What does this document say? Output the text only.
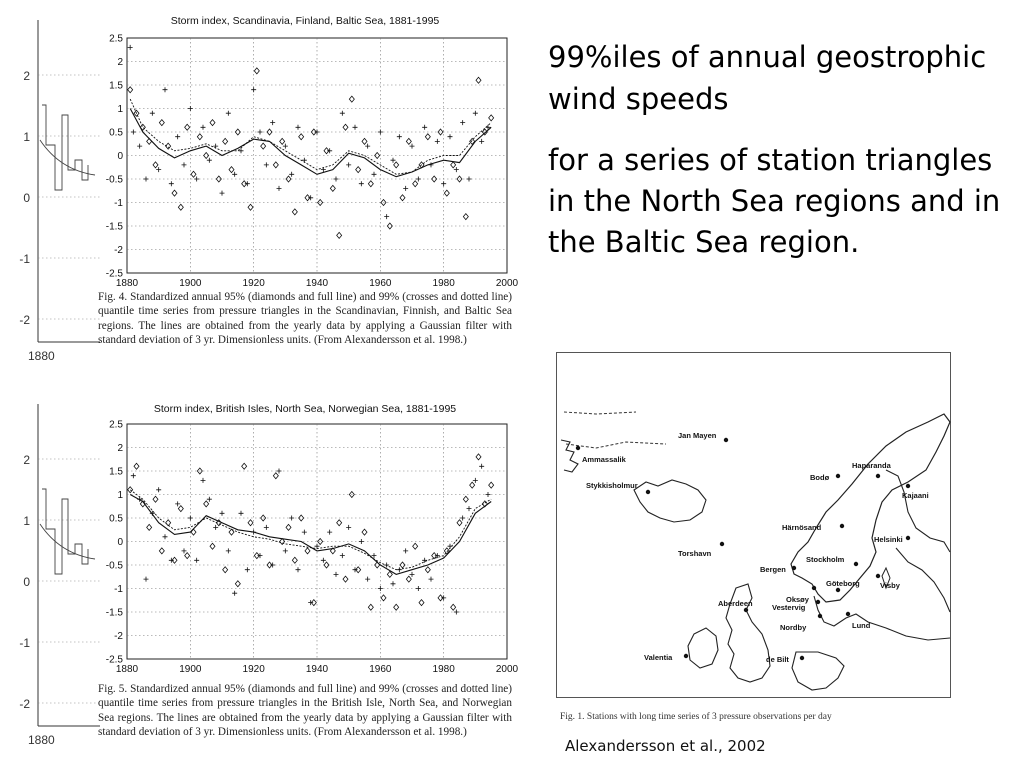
99%iles of annual geostrophic wind speeds
for a series of station triangles in the North Sea regions and in the Baltic Sea region.
Alexandersson et al., 2002
2
1
0
-1
-2
1880
2
1
0
-1
-2
1880
Storm index, Scandinavia, Finland, Baltic Sea, 1881-1995
2.5
2
1.5
1
0.5
0
-0.5
-1
-1.5
-2
-2.5
1880	1900	1920	1940	1960	1980	2000
Storm index, British Isles, North Sea, Norwegian Sea, 1881-1995
2.5
2
1.5
1
0.5
0
-0.5
-1
-1.5
-2
-2.5
1880	1900	1920	1940	1960	1980	2000
Fig. 4. Standardized annual 95% (diamonds and full line) and 99% (crosses and dotted line) quantile time series from pressure triangles in the Scandinavian, Finnish, and Baltic Sea regions. The lines are obtained from the yearly data by applying a Gaussian filter with standard deviation of 3 yr. Dimensionless units. (From Alexandersson et al. 1998.)
Fig. 5. Standardized annual 95% (diamonds and full line) and 99% (crosses and dotted line) quantile time series from pressure triangles in the British Isle, North Sea, and Norwegian Sea regions. The lines are obtained from the yearly data by applying a Gaussian filter with standard deviation of 3 yr. Dimensionless units. (From Alexandersson et al. 1998.)
Jan Mayen
Ammassalik
Stykkisholmur
Torshavn
Bodø
Haparanda
Kajaani
Härnösand
Helsinki
Bergen
Stockholm
Visby
Oksøy
Göteborg
Vestervig
Nordby	Lund
Aberdeen
Valentia	de Bilt
Fig. 1. Stations with long time series of 3 pressure observations per day
